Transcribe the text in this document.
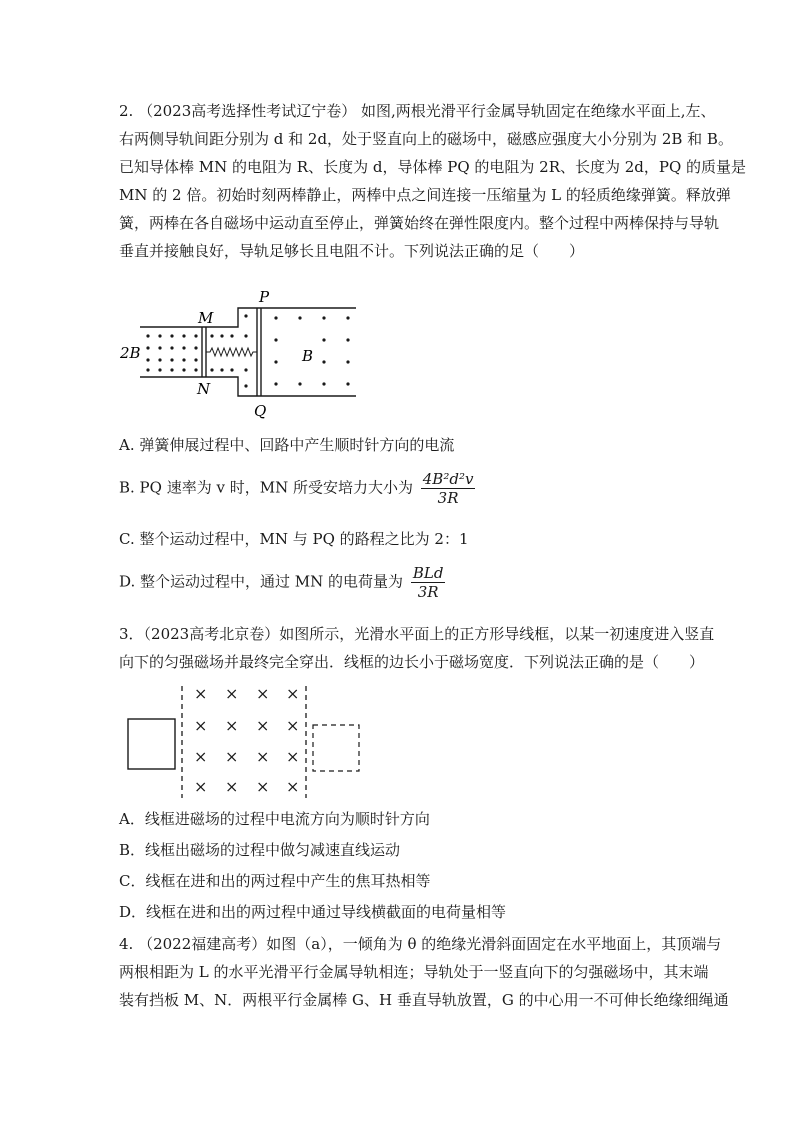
2. （2023高考选择性考试辽宁卷） 如图,两根光滑平行金属导轨固定在绝缘水平面上,左、
右两侧导轨间距分别为 d 和 2d，处于竖直向上的磁场中，磁感应强度大小分别为 2B 和 B。
已知导体棒 MN 的电阻为 R、长度为 d，导体棒 PQ 的电阻为 2R、长度为 2d，PQ 的质量是
MN 的 2 倍。初始时刻两棒静止，两棒中点之间连接一压缩量为 L 的轻质绝缘弹簧。释放弹
簧，两棒在各自磁场中运动直至停止，弹簧始终在弹性限度内。整个过程中两棒保持与导轨
垂直并接触良好，导轨足够长且电阻不计。下列说法正确的足（　　）
2B	B
M
N
P
Q
A. 弹簧伸展过程中、回路中产生顺时针方向的电流
B. PQ 速率为 v 时，MN 所受安培力大小为 $\frac{\text{4B²d²v}}{3R}$
C. 整个运动过程中，MN 与 PQ 的路程之比为 2：1
D. 整个运动过程中，通过 MN 的电荷量为 $\frac{\text{BLd}}{3R}$
3．（2023高考北京卷）如图所示，光滑水平面上的正方形导线框，以某一初速度进入竖直
向下的匀强磁场并最终完全穿出．线框的边长小于磁场宽度．下列说法正确的是（　　）
× × × ×
× × × ×
× × × ×
× × × ×
A．线框进磁场的过程中电流方向为顺时针方向
B．线框出磁场的过程中做匀减速直线运动
C．线框在进和出的两过程中产生的焦耳热相等
D．线框在进和出的两过程中通过导线横截面的电荷量相等
4. （2022福建高考）如图（a），一倾角为 θ 的绝缘光滑斜面固定在水平地面上，其顶端与
两根相距为 L 的水平光滑平行金属导轨相连；导轨处于一竖直向下的匀强磁场中，其末端
装有挡板 M、N．两根平行金属棒 G、H 垂直导轨放置，G 的中心用一不可伸长绝缘细绳通
